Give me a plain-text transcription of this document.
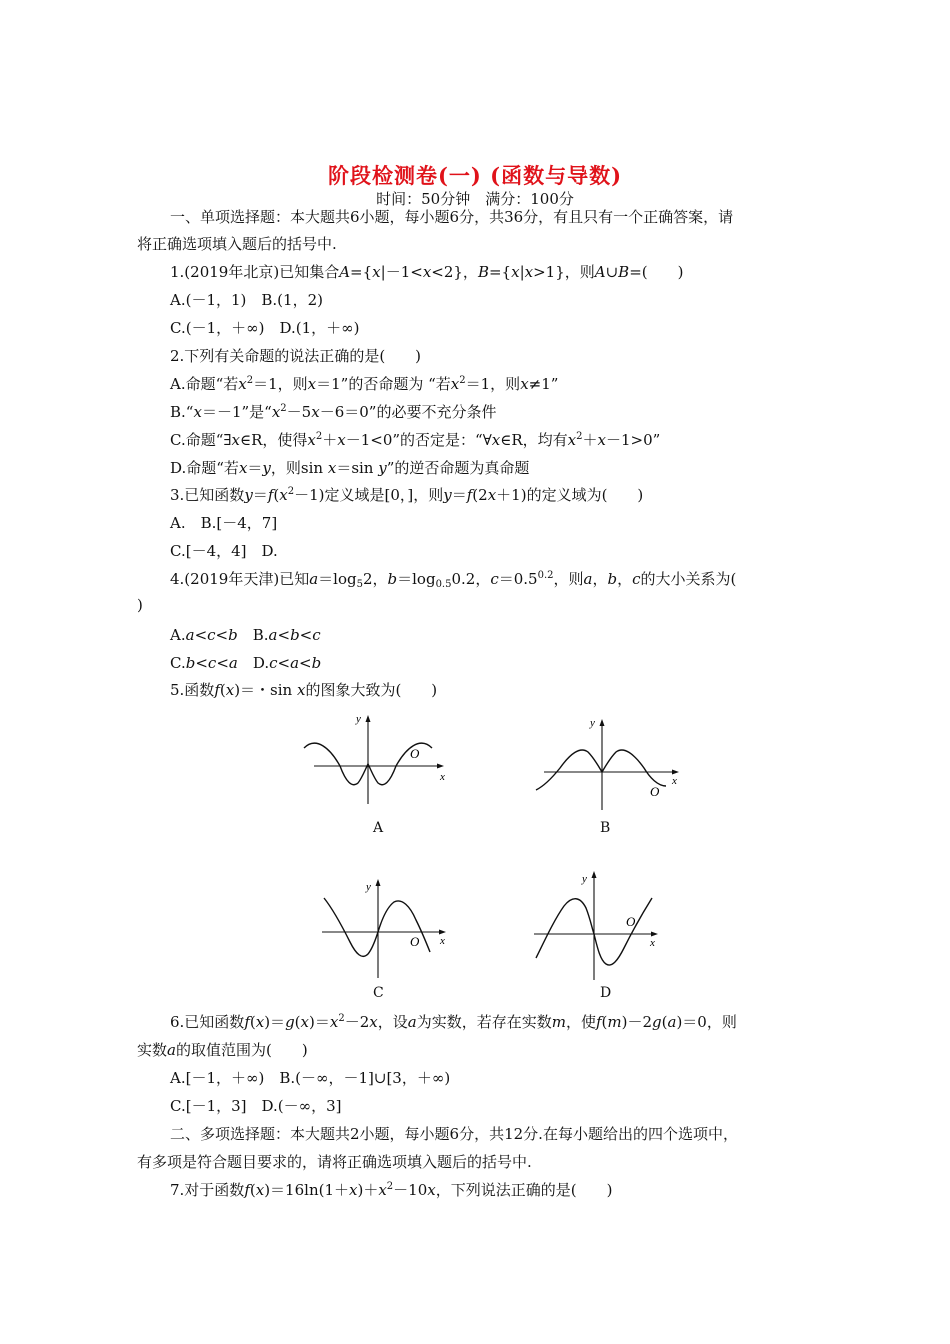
阶段检测卷(一) (函数与导数)
时间：50分钟　满分：100分
一、单项选择题：本大题共6小题，每小题6分，共36分，有且只有一个正确答案，请
将正确选项填入题后的括号中.
1.(2019年北京)已知集合A={x|－1<x<2}，B={x|x>1}，则A∪B=(　　)
A.(－1，1)　B.(1，2)
C.(－1，＋∞)　D.(1，＋∞)
2.下列有关命题的说法正确的是(　　)
A.命题“若$x^2=1$，则x＝1”的否命题为 “若$x^2=1$，则x≠1”
B.“x＝－1”是“$x^2-5x-6=0$”的必要不充分条件
C.命题“∃x∈R，使得$x^2+x-1<0$”的否定是：“∀x∈R，均有$x^2+x-1>0$”
D.命题“若x＝y，则sin x＝sin y”的逆否命题为真命题
3.已知函数$y=f(x^2-1)$定义域是[0，]，则y＝f(2x＋1)的定义域为(　　)
A.　B.[－4，7]
C.[－4，4]　D.
4.(2019年天津)已知$a=\log_52$，$b=\log_{0.5}0.2$，$c=0.5^{0.2}$，则a，b，c的大小关系为(
)
A.a<c<b　B.a<b<c
C.b<c<a　D.c<a<b
5.函数f(x)＝・sin x的图象大致为(　　)
O
x
y
A
O
x
y
B
O x
y
C
O
x
y
D
6.已知函数$f(x)=g(x)=x^2-2x$，设a为实数，若存在实数m，使f(m)－2g(a)＝0，则
实数a的取值范围为(　　)
A.[－1，＋∞)　B.(－∞，－1]∪[3，＋∞)
C.[－1，3]　D.(－∞，3]
二、多项选择题：本大题共2小题，每小题6分，共12分.在每小题给出的四个选项中，
有多项是符合题目要求的，请将正确选项填入题后的括号中.
7.对于函数$f(x)=16\ln(1+x)+x^2-10x$，下列说法正确的是(　　)
